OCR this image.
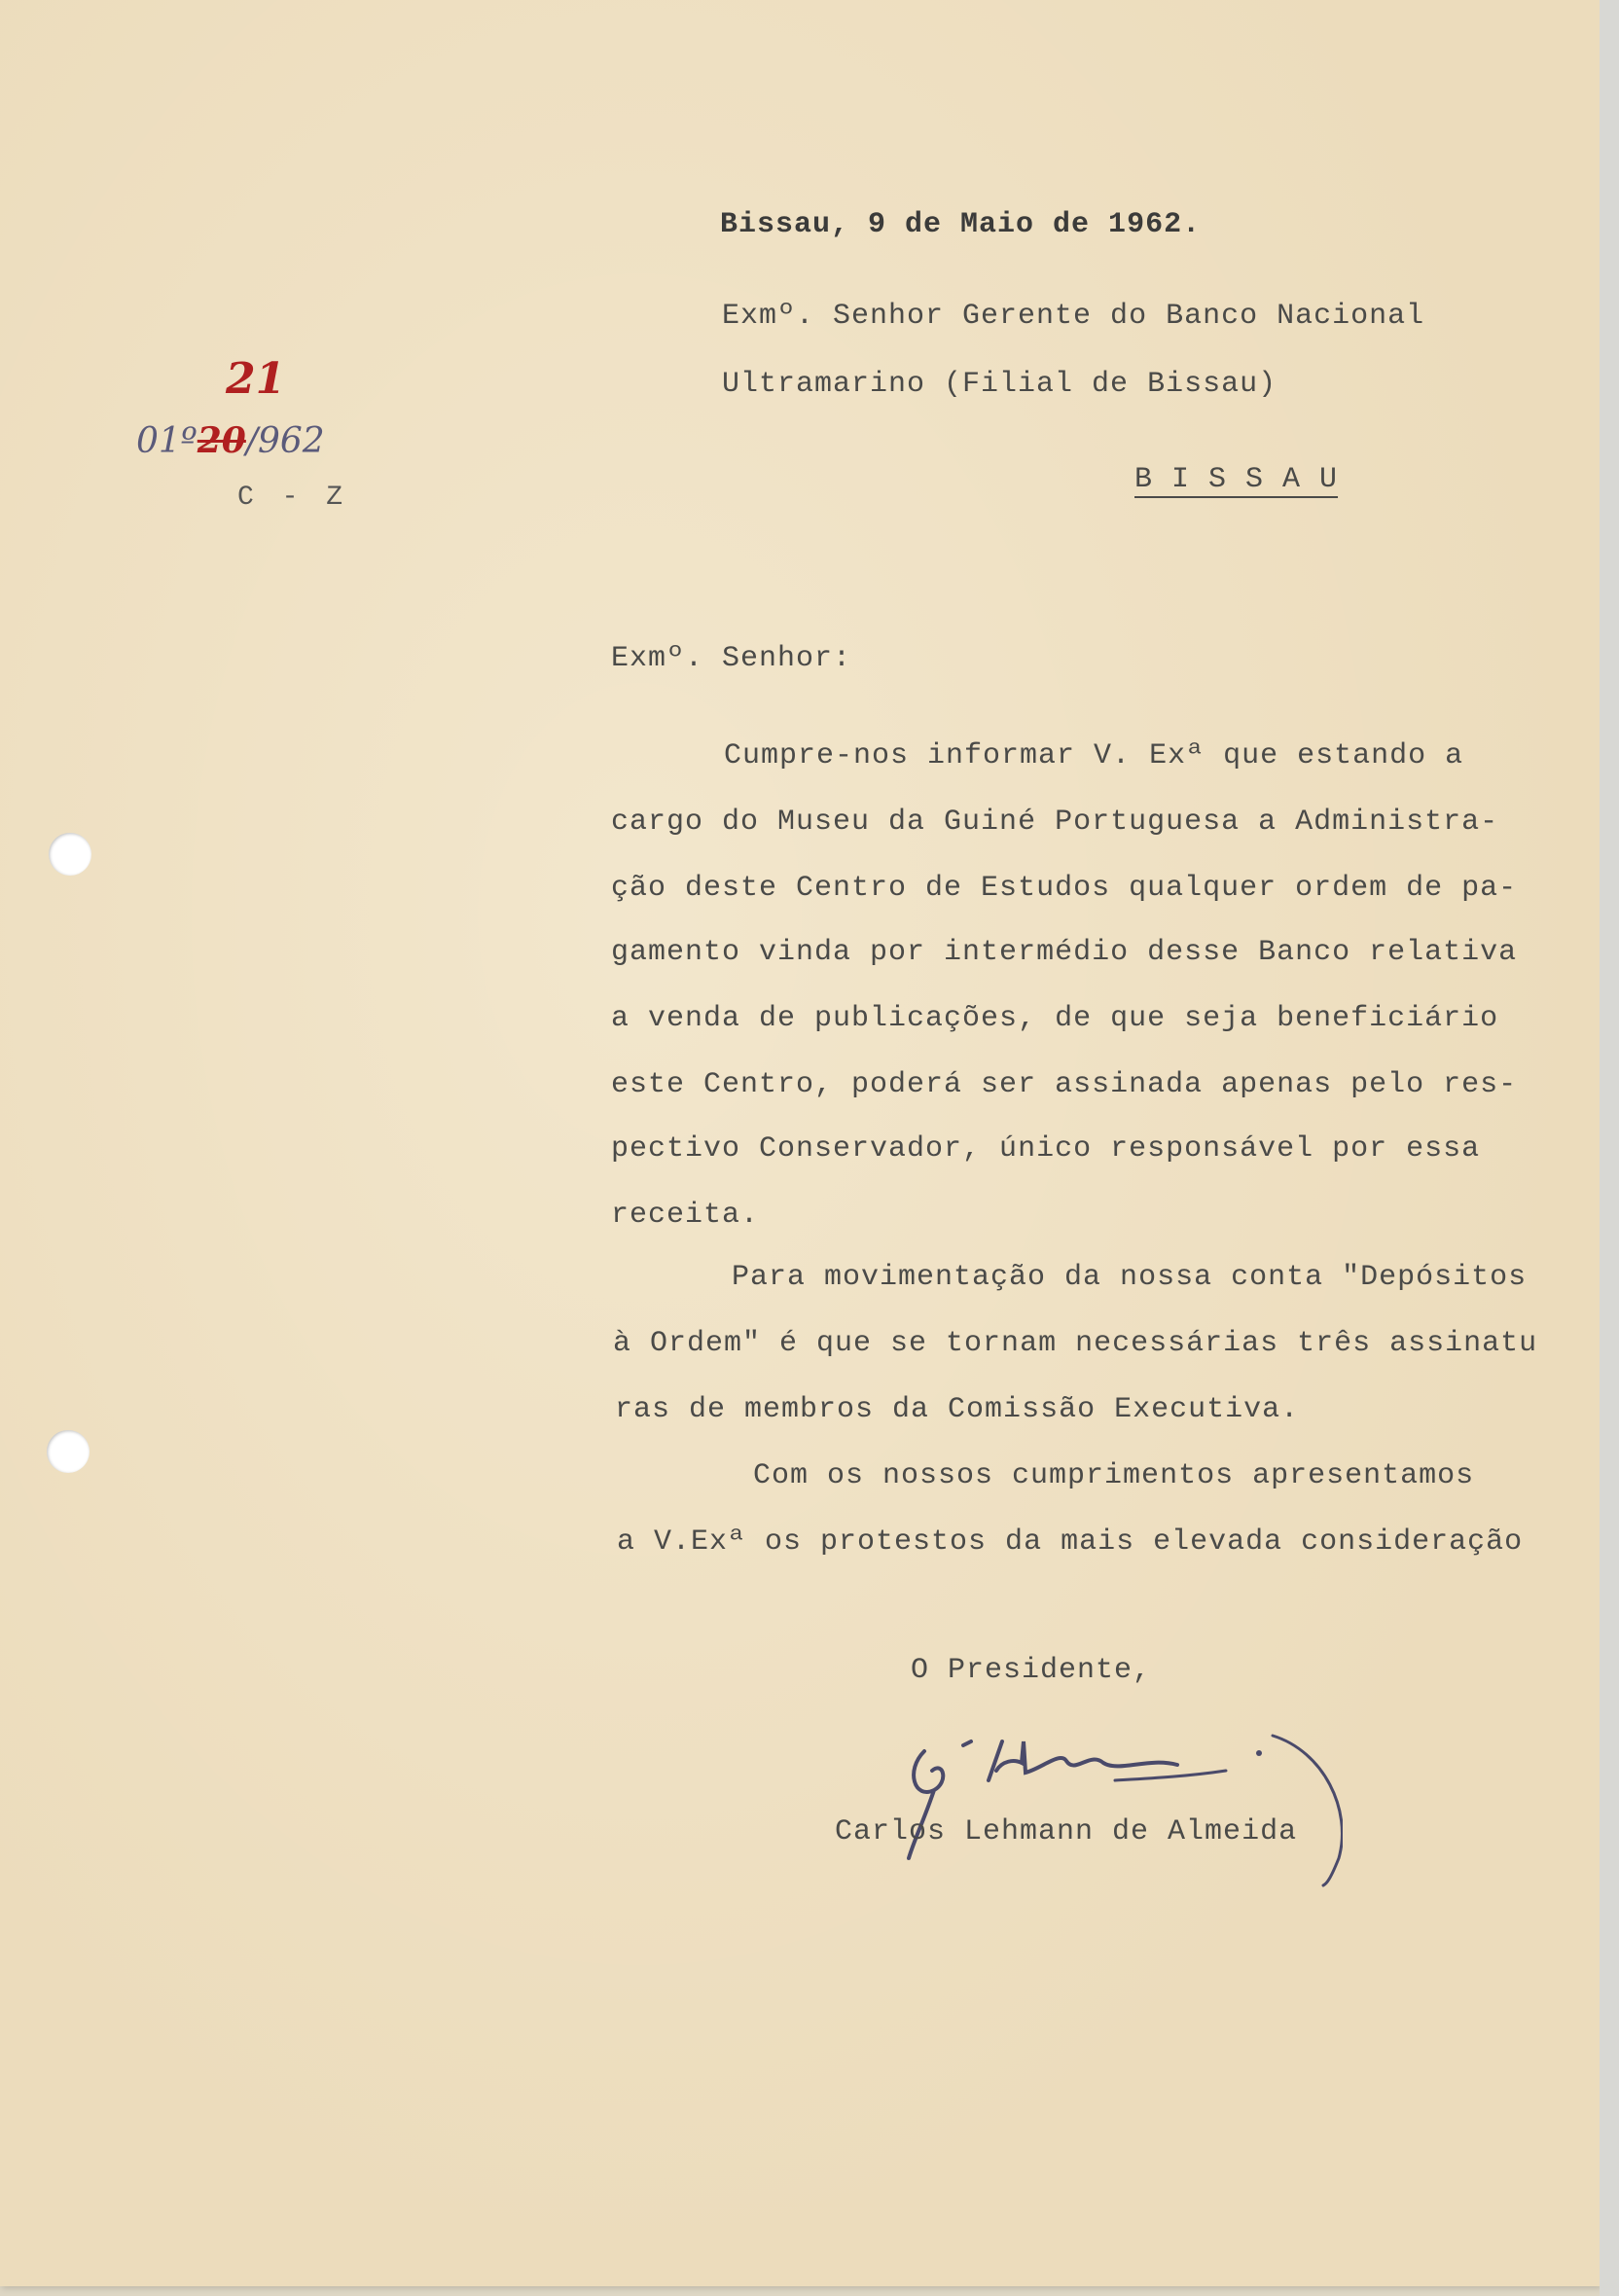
Bissau, 9 de Maio de 1962.
Exmº. Senhor Gerente do Banco Nacional
Ultramarino (Filial de Bissau)
B I S S A U
21
01º20/962
C - Z
Exmº. Senhor:
Cumpre-nos informar V. Exª que estando a
cargo do Museu da Guiné Portuguesa a Administra-
ção deste Centro de Estudos qualquer ordem de pa-
gamento vinda por intermédio desse Banco relativa
a venda de publicações, de que seja beneficiário
este Centro, poderá ser assinada apenas pelo res-
pectivo Conservador, único responsável por essa
receita.
Para movimentação da nossa conta "Depósitos
à Ordem" é que se tornam necessárias três assinatu
ras de membros da Comissão Executiva.
Com os nossos cumprimentos apresentamos
a V.Exª os protestos da mais elevada consideração
O Presidente,
Carlos Lehmann de Almeida
